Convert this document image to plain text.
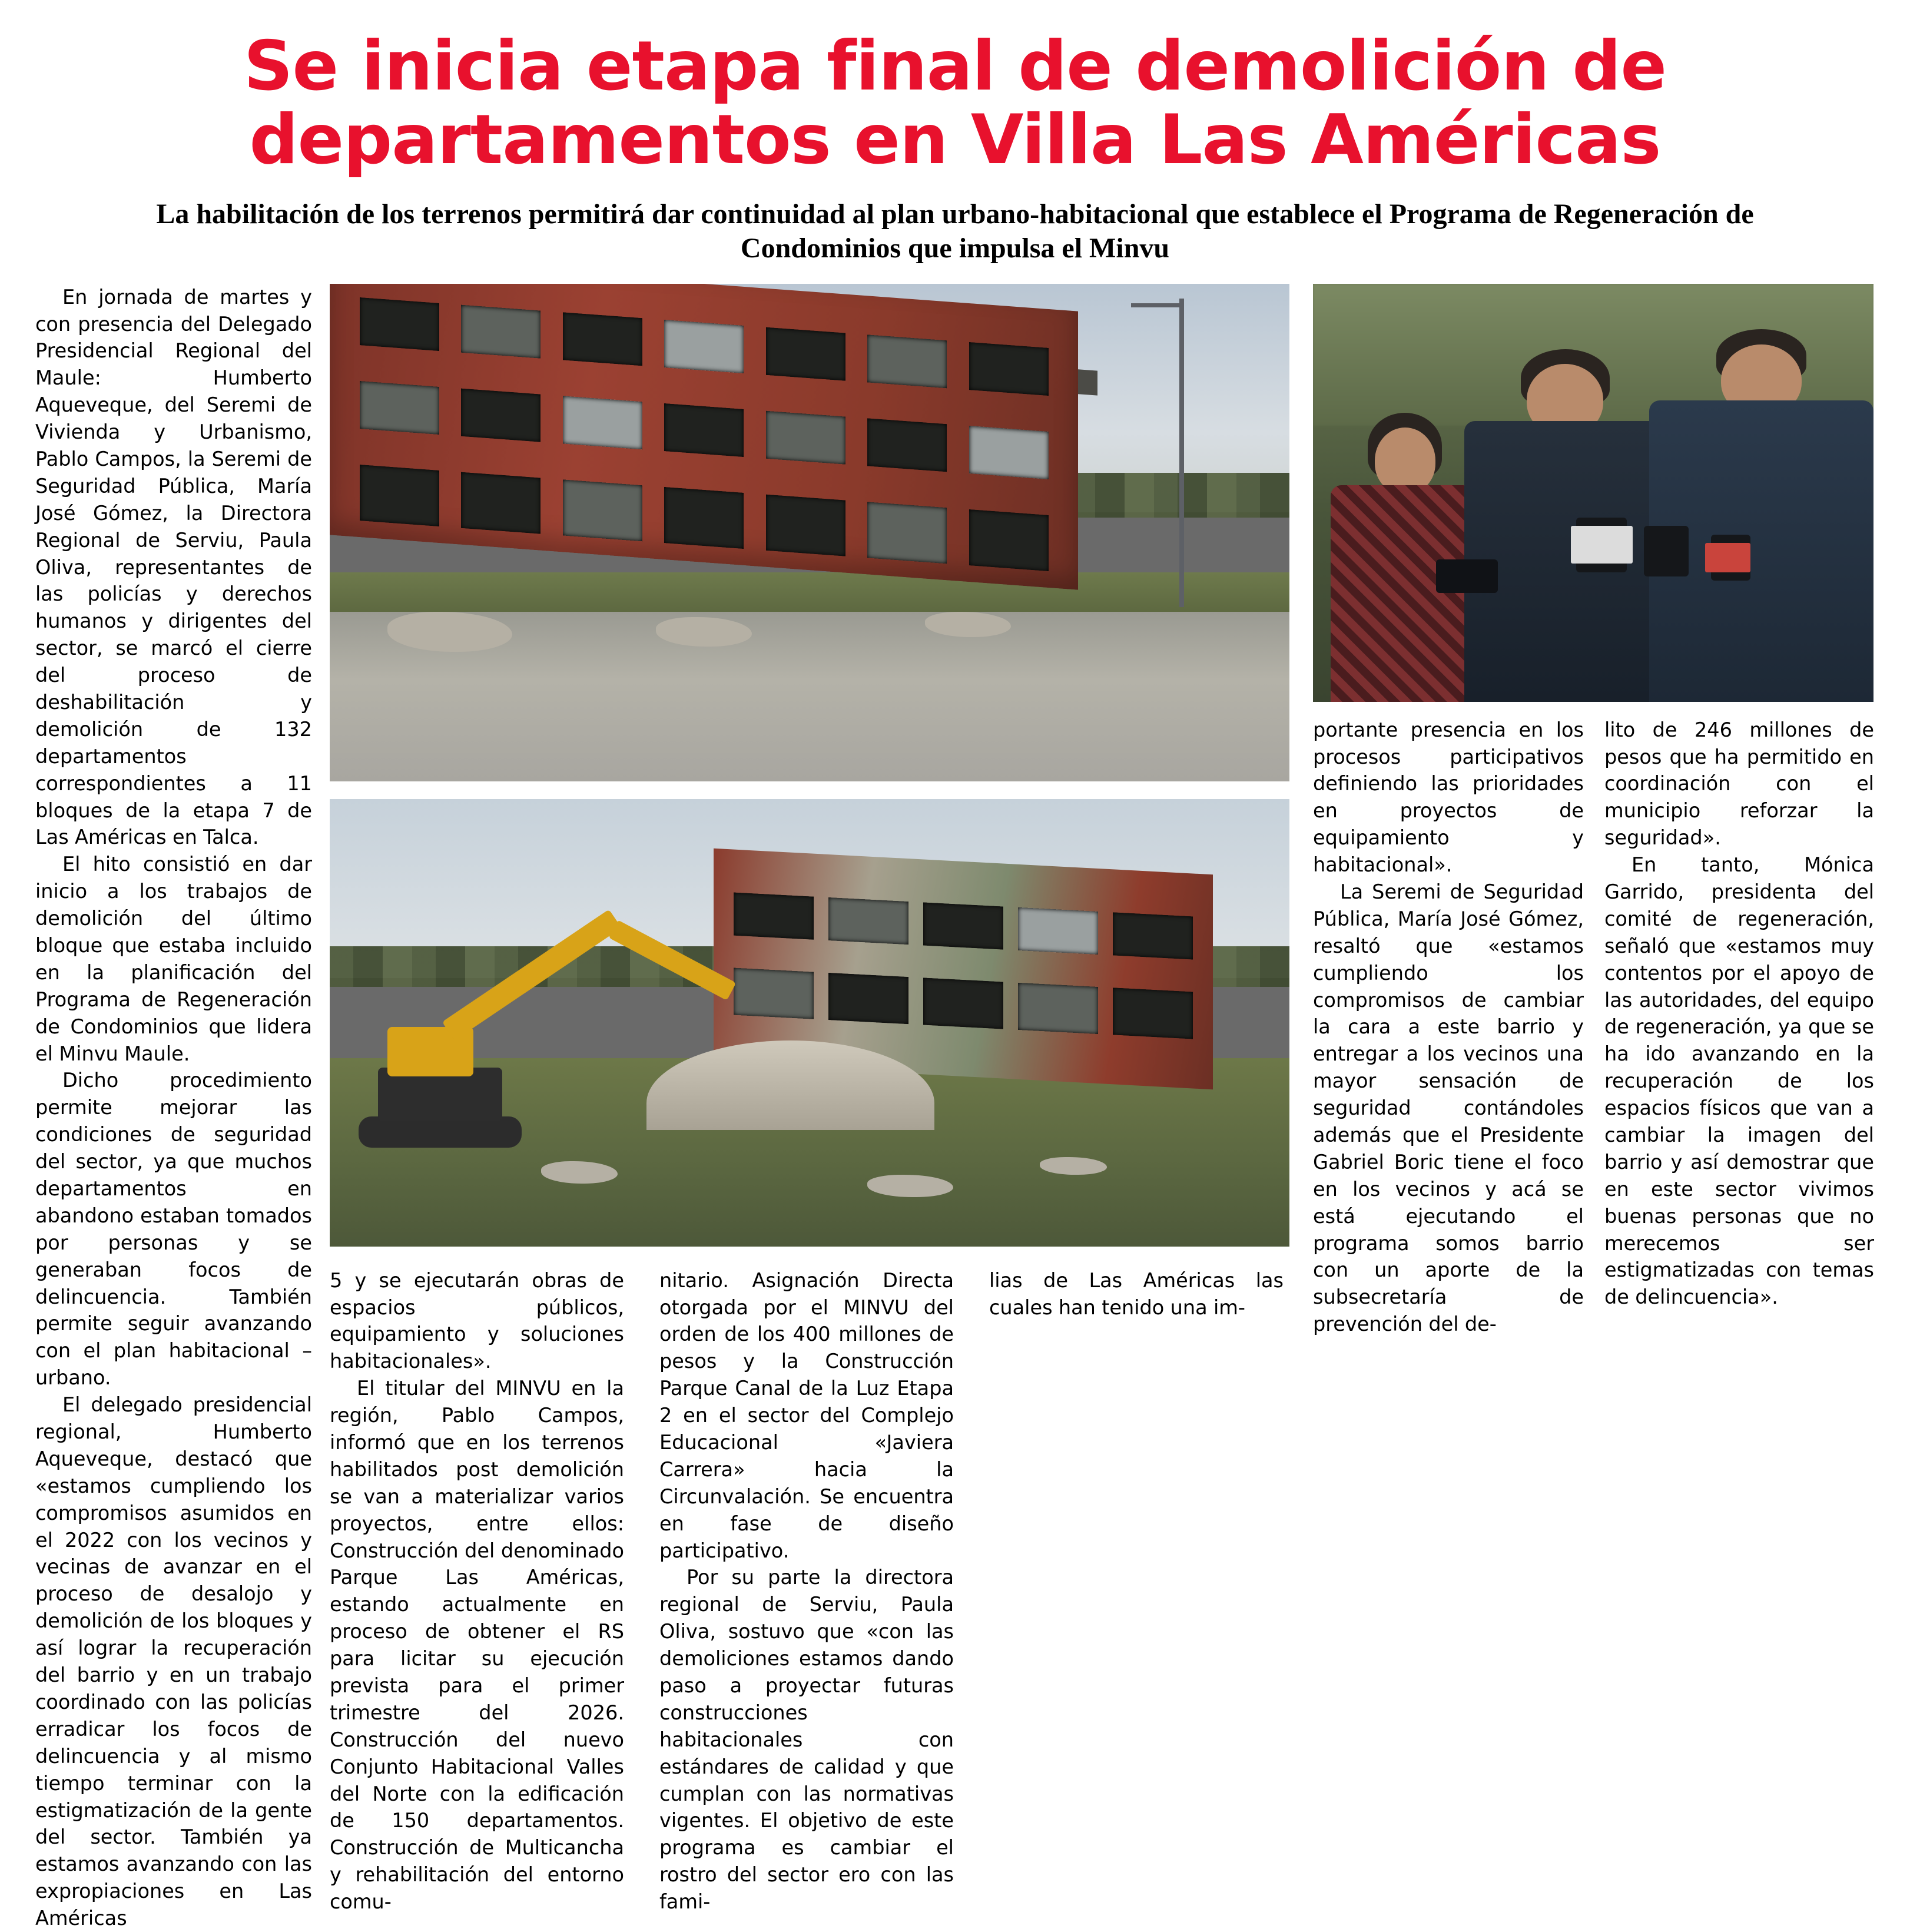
Se inicia etapa final de demolición de departamentos en Villa Las Américas
La habilitación de los terrenos permitirá dar continuidad al plan urbano-habitacional que establece el Programa de Regeneración de Condominios que impulsa el Minvu

En jornada de martes y con presencia del Delegado Presidencial Regional del Maule: Humberto Aqueveque, del Seremi de Vivienda y Urbanismo, Pablo Campos, la Seremi de Seguridad Pública, María José Gómez, la Directora Regional de Serviu, Paula Oliva, representantes de las policías y derechos humanos y dirigentes del sector, se marcó el cierre del proceso de deshabilitación y demolición de 132 departamentos correspondientes a 11 bloques de la etapa 7 de Las Américas en Talca.

El hito consistió en dar inicio a los trabajos de demolición del último bloque que estaba incluido en la planificación del Programa de Regeneración de Condominios que lidera el Minvu Maule.

Dicho procedimiento permite mejorar las condiciones de seguridad del sector, ya que muchos departamentos en abandono estaban tomados por personas y se generaban focos de delincuencia. También permite seguir avanzando con el plan habitacional – urbano.

El delegado presidencial regional, Humberto Aqueveque, destacó que «estamos cumpliendo los compromisos asumidos en el 2022 con los vecinos y vecinas de avanzar en el proceso de desalojo y demolición de los bloques y así lograr la recuperación del barrio y en un trabajo coordinado con las policías erradicar los focos de delincuencia y al mismo tiempo terminar con la estigmatización de la gente del sector. También ya estamos avanzando con las expropiaciones en Las Américas

5 y se ejecutarán obras de espacios públicos, equipamiento y soluciones habitacionales».

El titular del MINVU en la región, Pablo Campos, informó que en los terrenos habilitados post demolición se van a materializar varios proyectos, entre ellos: Construcción del denominado Parque Las Américas, estando actualmente en proceso de obtener el RS para licitar su ejecución prevista para el primer trimestre del 2026. Construcción del nuevo Conjunto Habitacional Valles del Norte con la edificación de 150 departamentos. Construcción de Multicancha y rehabilitación del entorno comu-

nitario. Asignación Directa otorgada por el MINVU del orden de los 400 millones de pesos y la Construcción Parque Canal de la Luz Etapa 2 en el sector del Complejo Educacional «Javiera Carrera» hacia la Circunvalación. Se encuentra en fase de diseño participativo.

Por su parte la directora regional de Serviu, Paula Oliva, sostuvo que «con las demoliciones estamos dando paso a proyectar futuras construcciones habitacionales con estándares de calidad y que cumplan con las normativas vigentes. El objetivo de este programa es cambiar el rostro del sector ero con las fami-

lias de Las Américas las cuales han tenido una im-

portante presencia en los procesos participativos definiendo las prioridades en proyectos de equipamiento y habitacional».

La Seremi de Seguridad Pública, María José Gómez, resaltó que «estamos cumpliendo los compromisos de cambiar la cara a este barrio y entregar a los vecinos una mayor sensación de seguridad contándoles además que el Presidente Gabriel Boric tiene el foco en los vecinos y acá se está ejecutando el programa somos barrio con un aporte de la subsecretaría de prevención del de-

lito de 246 millones de pesos que ha permitido en coordinación con el municipio reforzar la seguridad».

En tanto, Mónica Garrido, presidenta del comité de regeneración, señaló que «estamos muy contentos por el apoyo de las autoridades, del equipo de regeneración, ya que se ha ido avanzando en la recuperación de los espacios físicos que van a cambiar la imagen del barrio y así demostrar que en este sector vivimos buenas personas que no merecemos ser estigmatizadas con temas de delincuencia».
